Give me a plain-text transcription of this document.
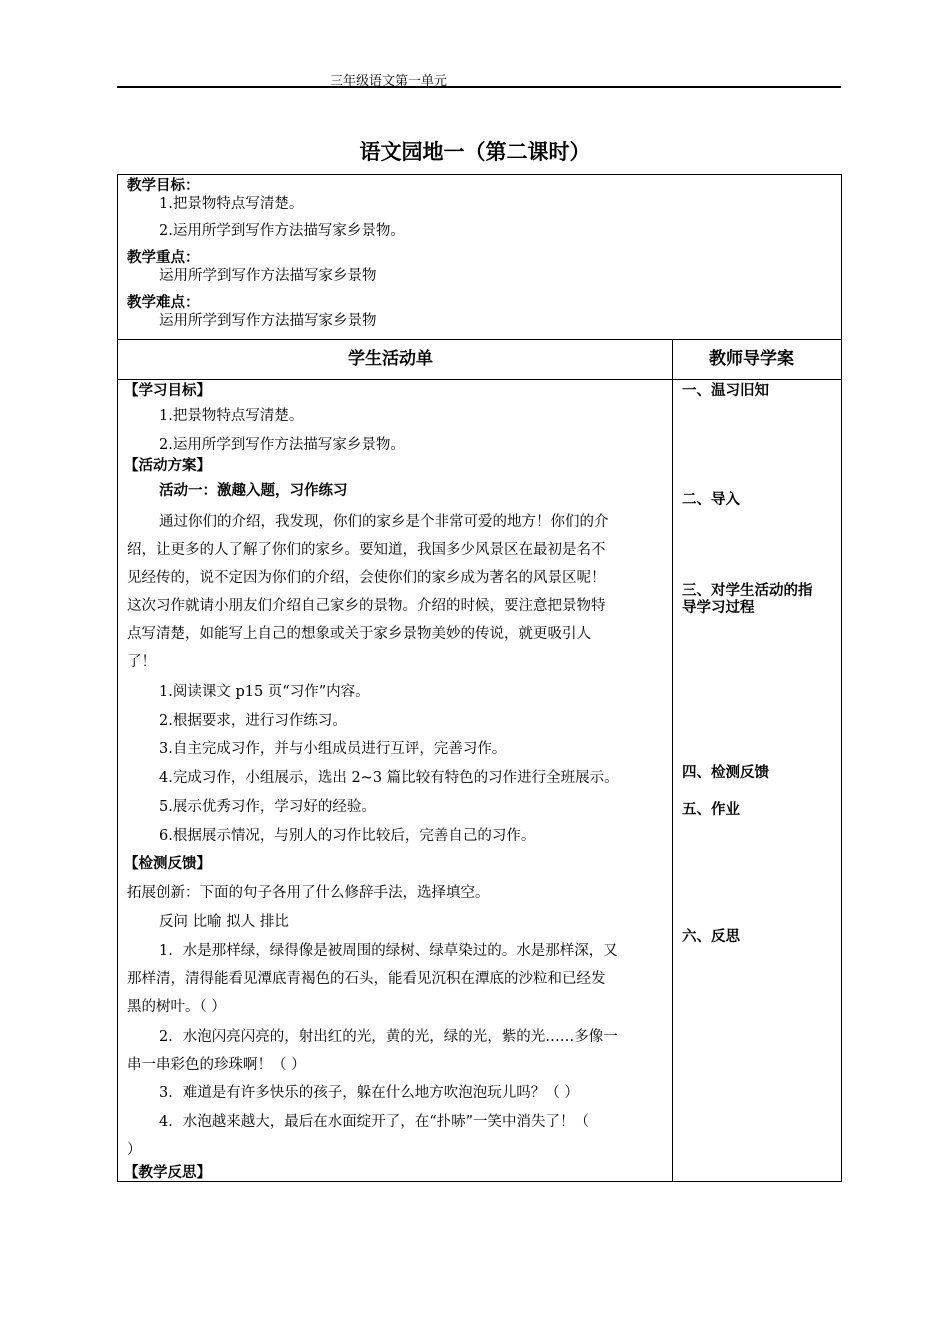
三年级语文第一单元
语文园地一（第二课时）
教学目标：
1.把景物特点写清楚。
2.运用所学到写作方法描写家乡景物。
教学重点：
运用所学到写作方法描写家乡景物
教学难点：
运用所学到写作方法描写家乡景物
学生活动单	教师导学案
【学习目标】
1.把景物特点写清楚。
2.运用所学到写作方法描写家乡景物。
【活动方案】
活动一：激趣入题，习作练习
通过你们的介绍，我发现，你们的家乡是个非常可爱的地方！你们的介
绍，让更多的人了解了你们的家乡。要知道，我国多少风景区在最初是名不
见经传的，说不定因为你们的介绍，会使你们的家乡成为著名的风景区呢！
这次习作就请小朋友们介绍自己家乡的景物。介绍的时候，要注意把景物特
点写清楚，如能写上自己的想象或关于家乡景物美妙的传说，就更吸引人
了！
1.阅读课文 p15 页“习作”内容。
2.根据要求，进行习作练习。
3.自主完成习作，并与小组成员进行互评，完善习作。
4.完成习作，小组展示，选出 2~3 篇比较有特色的习作进行全班展示。
5.展示优秀习作，学习好的经验。
6.根据展示情况，与别人的习作比较后，完善自己的习作。
【检测反馈】
拓展创新：下面的句子各用了什么修辞手法，选择填空。
反问 比喻 拟人 排比
1．水是那样绿，绿得像是被周围的绿树、绿草染过的。水是那样深，又
那样清，清得能看见潭底青褐色的石头，能看见沉积在潭底的沙粒和已经发
黑的树叶。（ ）
2．水泡闪亮闪亮的，射出红的光，黄的光，绿的光，紫的光……多像一
串一串彩色的珍珠啊！（ ）
3．难道是有许多快乐的孩子，躲在什么地方吹泡泡玩儿吗？（ ）
4．水泡越来越大，最后在水面绽开了，在“扑哧”一笑中消失了！（
）
【教学反思】
一、温习旧知
二、导入
三、对学生活动的指
导学习过程
四、检测反馈
五、作业
六、反思
